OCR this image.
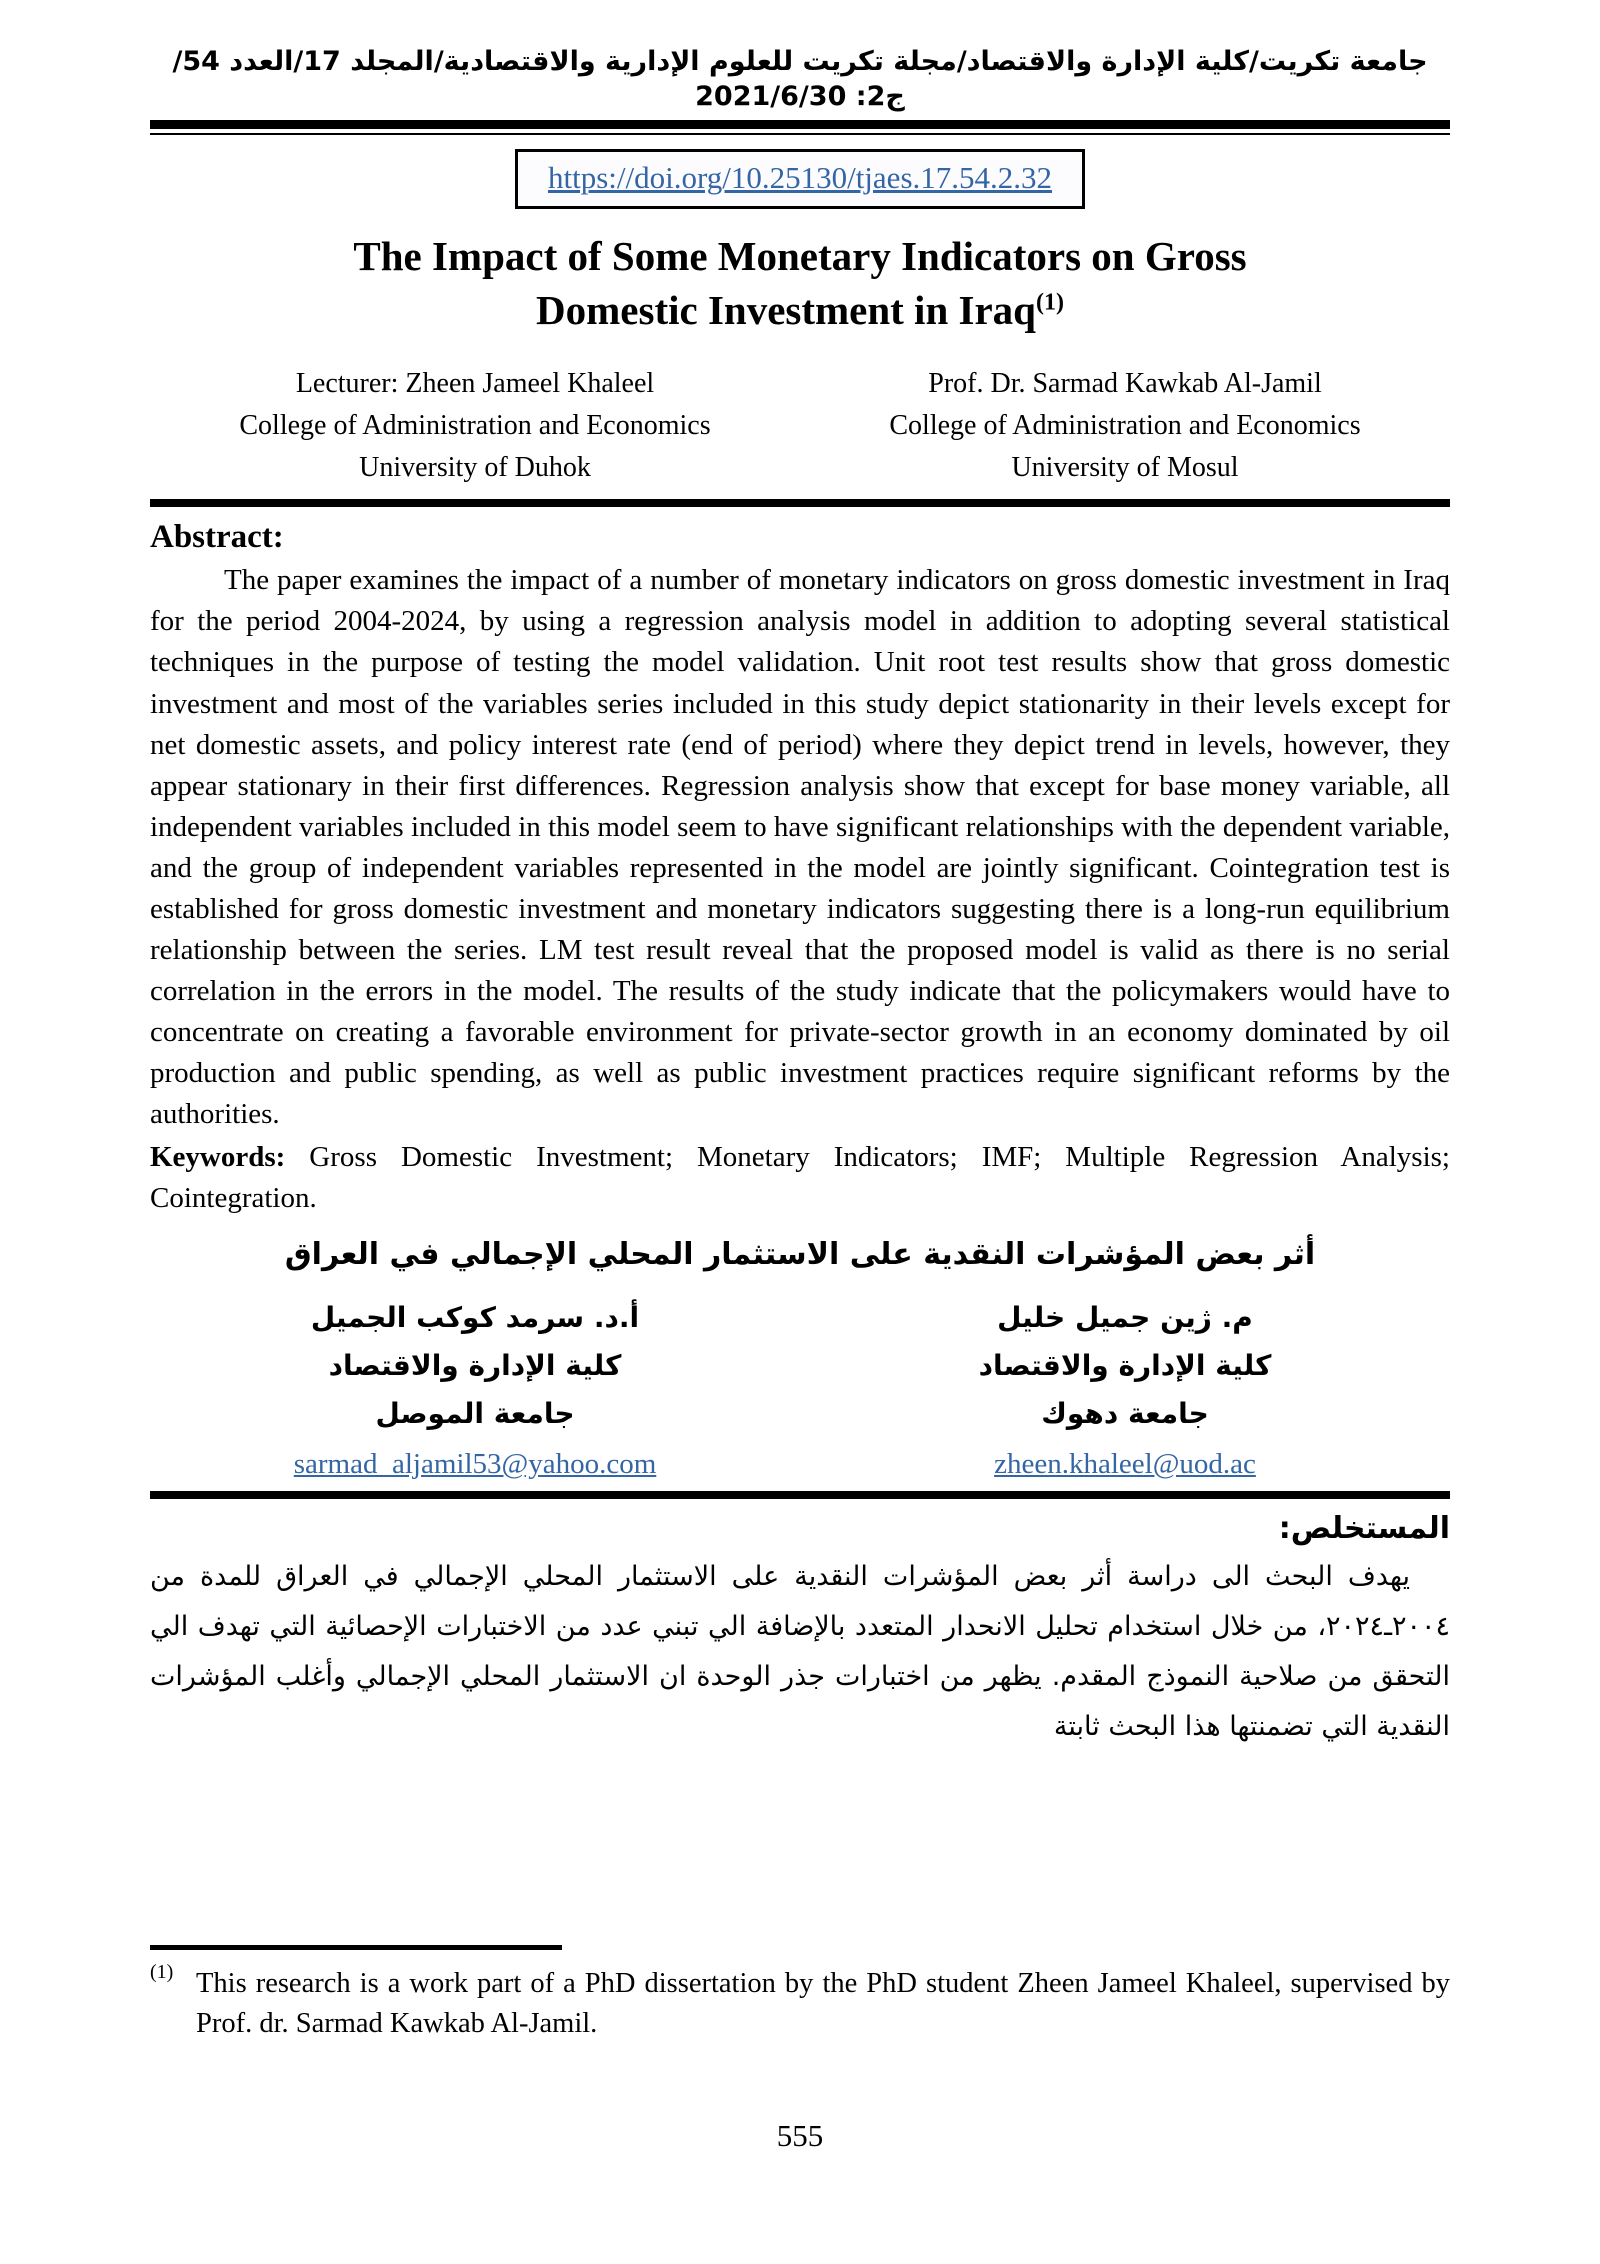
جامعة تكريت/كلية الإدارة والاقتصاد/مجلة تكريت للعلوم الإدارية والاقتصادية/المجلد 17/العدد 54/ج2: 2021/6/30
https://doi.org/10.25130/tjaes.17.54.2.32
The Impact of Some Monetary Indicators on Gross
Domestic Investment in Iraq$^{(1)}$
Lecturer: Zheen Jameel Khaleel
College of Administration and Economics
University of Duhok
Prof. Dr. Sarmad Kawkab Al-Jamil
College of Administration and Economics
University of Mosul
Abstract:
The paper examines the impact of a number of monetary indicators on gross domestic investment in Iraq for the period 2004-2024, by using a regression analysis model in addition to adopting several statistical techniques in the purpose of testing the model validation. Unit root test results show that gross domestic investment and most of the variables series included in this study depict stationarity in their levels except for net domestic assets, and policy interest rate (end of period) where they depict trend in levels, however, they appear stationary in their first differences. Regression analysis show that except for base money variable, all independent variables included in this model seem to have significant relationships with the dependent variable, and the group of independent variables represented in the model are jointly significant. Cointegration test is established for gross domestic investment and monetary indicators suggesting there is a long-run equilibrium relationship between the series. LM test result reveal that the proposed model is valid as there is no serial correlation in the errors in the model. The results of the study indicate that the policymakers would have to concentrate on creating a favorable environment for private-sector growth in an economy dominated by oil production and public spending, as well as public investment practices require significant reforms by the authorities.
Keywords: Gross Domestic Investment; Monetary Indicators; IMF; Multiple Regression Analysis; Cointegration.
أثر بعض المؤشرات النقدية على الاستثمار المحلي الإجمالي في العراق
م. ژين جميل خليل
كلية الإدارة والاقتصاد
جامعة دهوك
أ.د. سرمد كوكب الجميل
كلية الإدارة والاقتصاد
جامعة الموصل
zheen.khaleel@uod.ac
sarmad_aljamil53@yahoo.com
المستخلص:
يهدف البحث الى دراسة أثر بعض المؤشرات النقدية على الاستثمار المحلي الإجمالي في العراق للمدة من ٢٠٠٤ـ٢٠٢٤، من خلال استخدام تحليل الانحدار المتعدد بالإضافة الي تبني عدد من الاختبارات الإحصائية التي تهدف الي التحقق من صلاحية النموذج المقدم. يظهر من اختبارات جذر الوحدة ان الاستثمار المحلي الإجمالي وأغلب المؤشرات النقدية التي تضمنتها هذا البحث ثابتة
(1) This research is a work part of a PhD dissertation by the PhD student Zheen Jameel Khaleel, supervised by Prof. dr. Sarmad Kawkab Al-Jamil.
555
